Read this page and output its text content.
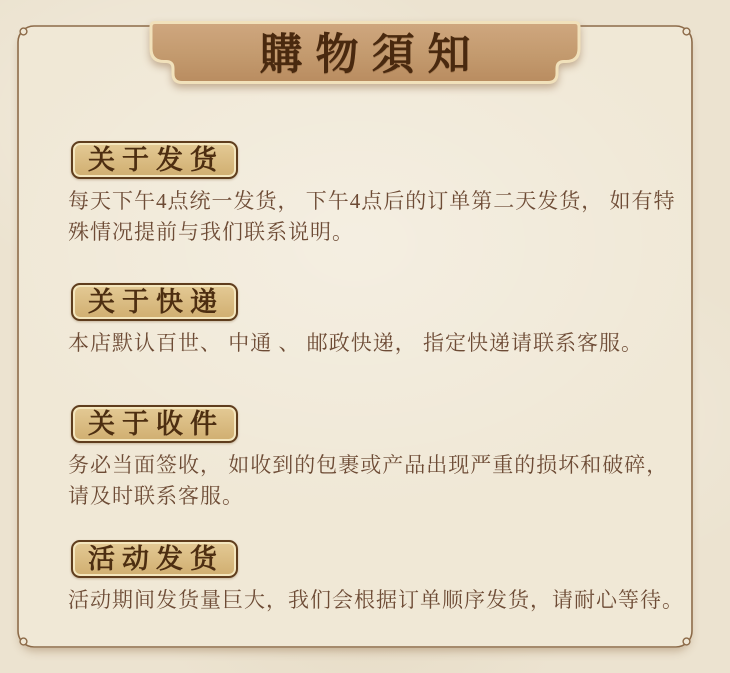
購物須知
关于发货
每天下午4点统一发货， 下午4点后的订单第二天发货， 如有特
殊情况提前与我们联系说明。
关于快递
本店默认百世、 中通 、 邮政快递， 指定快递请联系客服。
关于收件
务必当面签收， 如收到的包裹或产品出现严重的损坏和破碎，
请及时联系客服。
活动发货
活动期间发货量巨大，我们会根据订单顺序发货，请耐心等待。
